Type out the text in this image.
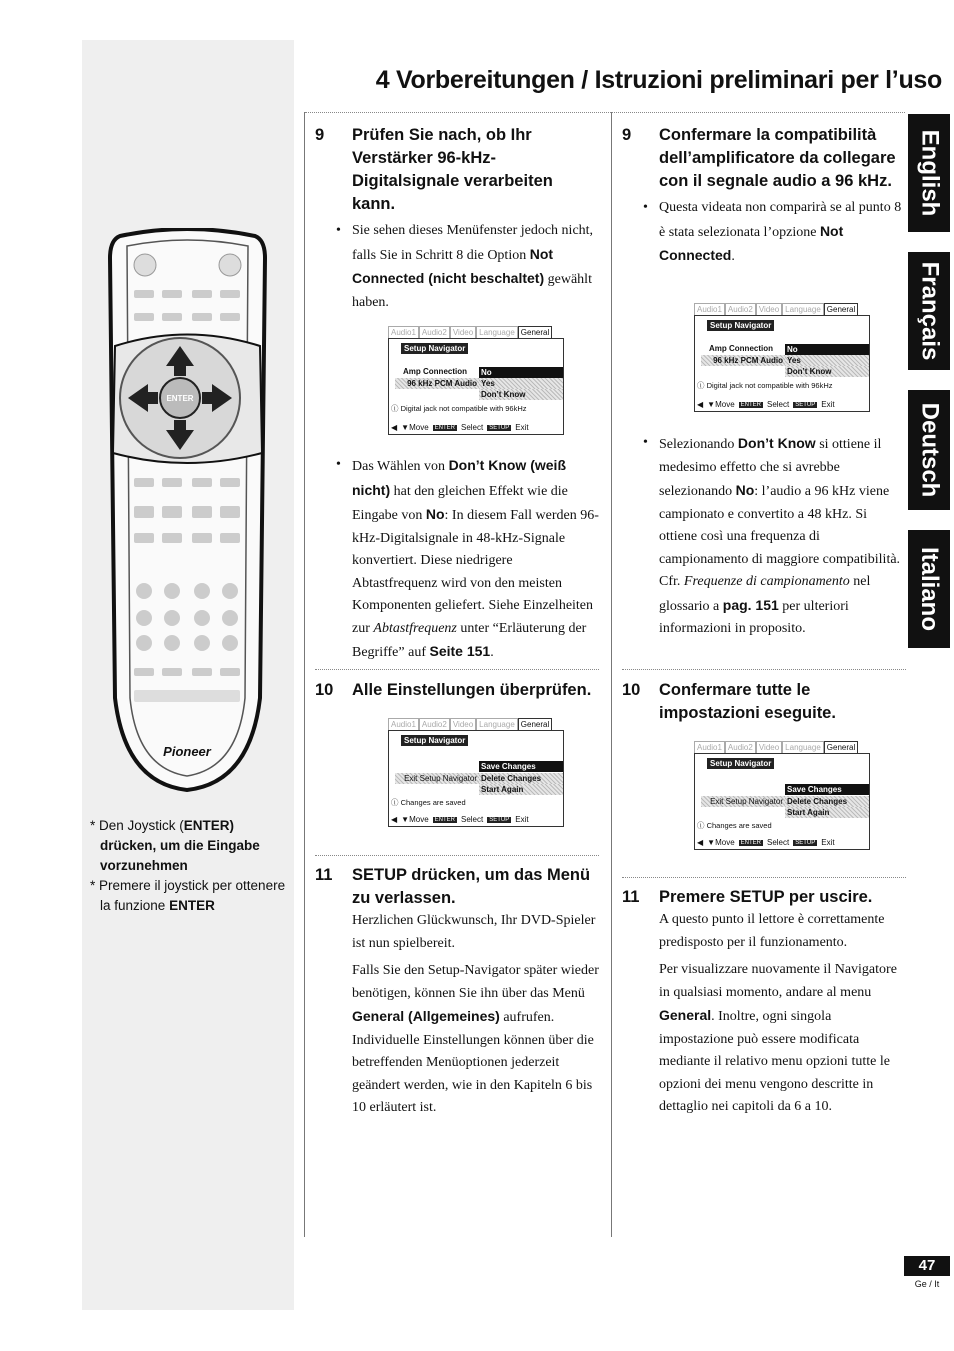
4 Vorbereitungen / Istruzioni preliminari per l’uso
ENTER
Pioneer
* Den Joystick (ENTER) drücken, um die Eingabe vorzunehmen
* Premere il joystick per ottenere la funzione ENTER
9 Prüfen Sie nach, ob Ihr Verstärker 96-kHz-Digitalsignale verarbeiten kann.
• Sie sehen dieses Menüfenster jedoch nicht, falls Sie in Schritt 8 die Option Not Connected (nicht beschaltet) gewählt haben.
• Das Wählen von Don’t Know (weiß nicht) hat den gleichen Effekt wie die Eingabe von No: In diesem Fall werden 96-kHz-Digitalsignale in 48-kHz-Signale konvertiert. Diese niedrigere Abtastfrequenz wird von den meisten Komponenten geliefert. Siehe Einzelheiten zur Abtastfrequenz unter “Erläuterung der Begriffe” auf Seite 151.
10 Alle Einstellungen überprüfen.
11 SETUP drücken, um das Menü zu verlassen.
Herzlichen Glückwunsch, Ihr DVD-Spieler ist nun spielbereit.
Falls Sie den Setup-Navigator später wieder benötigen, können Sie ihn über das Menü General (Allgemeines) aufrufen. Individuelle Einstellungen können über die betreffenden Menüoptionen jederzeit geändert werden, wie in den Kapiteln 6 bis 10 erläutert ist.
9 Confermare la compatibilità dell’amplificatore da collegare con il segnale audio a 96 kHz.
• Questa videata non comparirà se al punto 8 è stata selezionata l’opzione Not Connected.
• Selezionando Don’t Know si ottiene il medesimo effetto che si avrebbe selezionando No: l’audio a 96 kHz viene campionato e convertito a 48 kHz. Si ottiene così una frequenza di campionamento di maggiore compatibilità. Cfr. Frequenze di campionamento nel glossario a pag. 151 per ulteriori informazioni in proposito.
10 Confermare tutte le impostazioni eseguite.
11 Premere SETUP per uscire.
A questo punto il lettore è correttamente predisposto per il funzionamento.
Per visualizzare nuovamente il Navigatore in qualsiasi momento, andare al menu General. Inoltre, ogni singola impostazione può essere modificata mediante il relativo menu opzioni tutte le opzioni dei menu vengono descritte in dettaglio nei capitoli da 6 a 10.
Audio1 Audio2 Video Language General
Setup Navigator
Amp Connection
96 kHz PCM Audio
No
Yes
Don’t Know
ⓘ Digital jack not compatible with 96kHz
◀ ▼Move	ENTER Select	SETUP Exit
Audio1 Audio2 Video Language General
Setup Navigator
Amp Connection
96 kHz PCM Audio
No
Yes
Don’t Know
ⓘ Digital jack not compatible with 96kHz
◀ ▼Move	ENTER Select	SETUP Exit
Audio1 Audio2 Video Language General
Setup Navigator
Exit Setup Navigator
Save Changes
Delete Changes
Start Again
ⓘ Changes are saved
◀ ▼Move	ENTER Select	SETUP Exit
Audio1 Audio2 Video Language General
Setup Navigator
Exit Setup Navigator
Save Changes
Delete Changes
Start Again
ⓘ Changes are saved
◀ ▼Move	ENTER Select	SETUP Exit
English
Français
Deutsch
Italiano
47
Ge / It
